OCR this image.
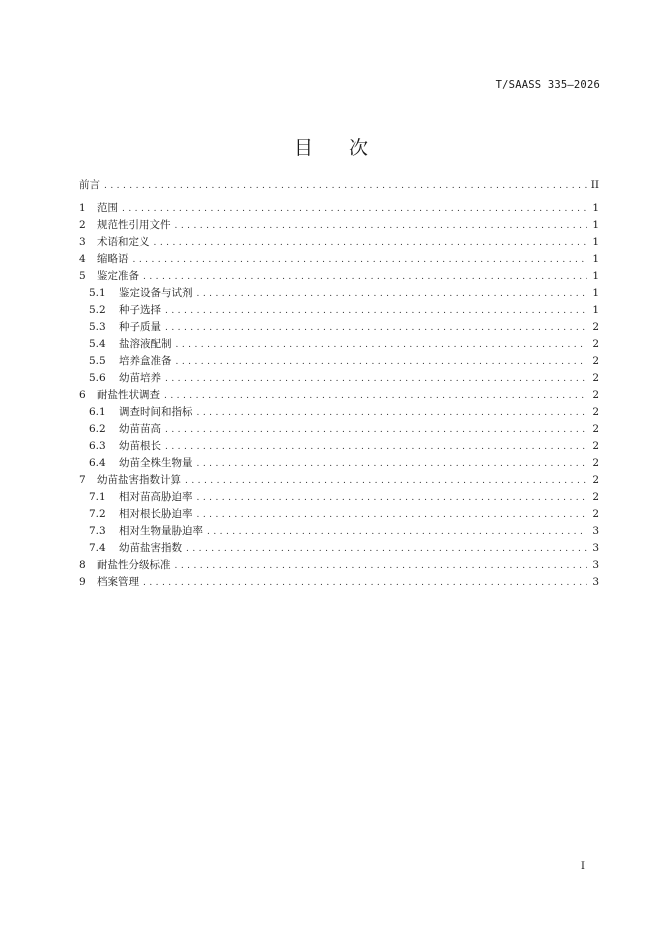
T/SAASS 335—2026
目 次
前言 . . .	II
1	范围 . . .	1
2	规范性引用文件 . . .	1
3	术语和定义 . . .	1
4	缩略语 . . .	1
5	鉴定准备 . . .	1
5.1	鉴定设备与试剂 . . .	1
5.2	种子选择 . . .	1
5.3	种子质量 . . .	2
5.4	盐溶液配制 . . .	2
5.5	培养盒准备 . . .	2
5.6	幼苗培养 . . .	2
6	耐盐性状调查 . . .	2
6.1	调查时间和指标 . . .	2
6.2	幼苗苗高 . . .	2
6.3	幼苗根长 . . .	2
6.4	幼苗全株生物量 . . .	2
7	幼苗盐害指数计算 . . .	2
7.1	相对苗高胁迫率 . . .	2
7.2	相对根长胁迫率 . . .	2
7.3	相对生物量胁迫率 . . .	3
7.4	幼苗盐害指数 . . .	3
8	耐盐性分级标准 . . .	3
9	档案管理 . . .	3
I
